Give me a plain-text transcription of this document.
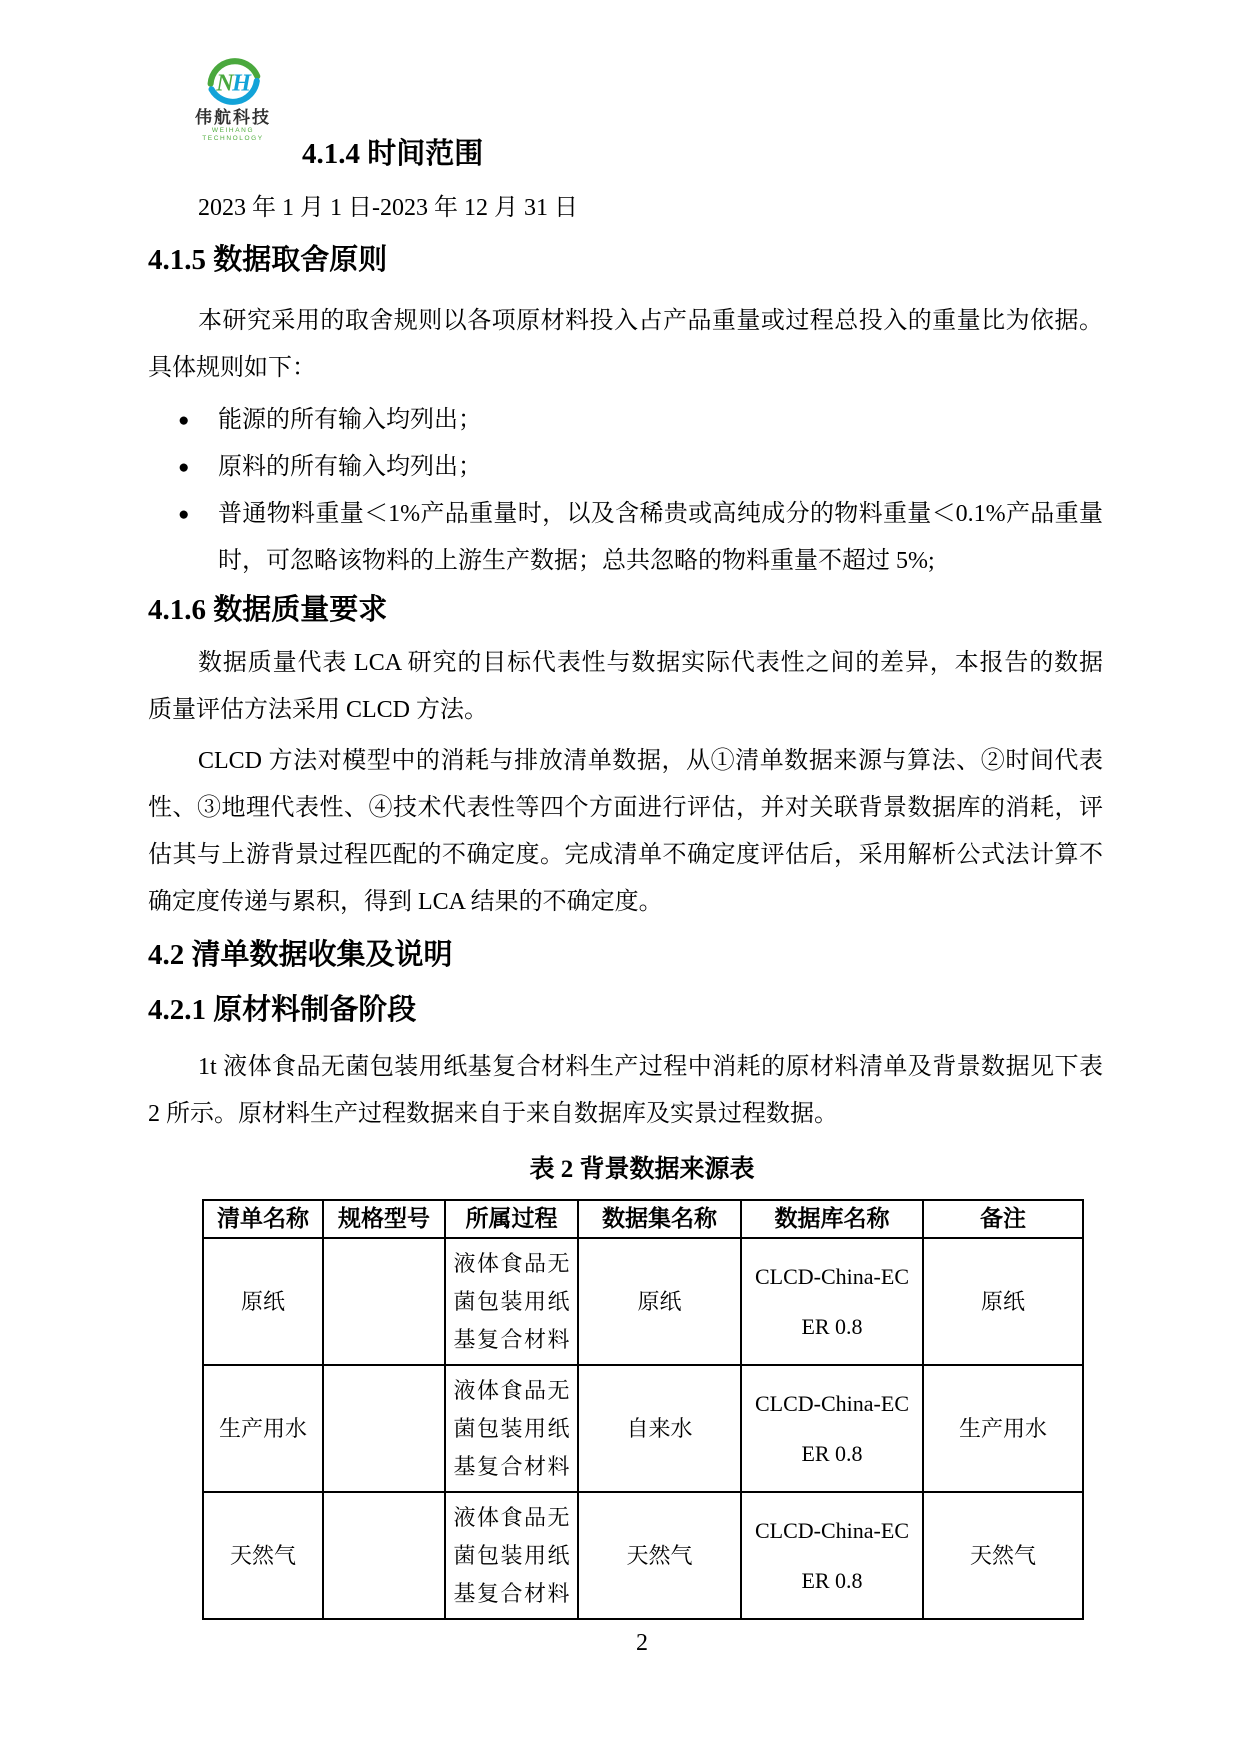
N
H
伟航科技
WEIHANG TECHNOLOGY	4.1.4 时间范围
2023 年 1 月 1 日-2023 年 12 月 31 日
4.1.5 数据取舍原则
本研究采用的取舍规则以各项原材料投入占产品重量或过程总投入的重量比为依据。
具体规则如下：
● 能源的所有输入均列出；
● 原料的所有输入均列出；
● 普通物料重量＜1%产品重量时，以及含稀贵或高纯成分的物料重量＜0.1%产品重量
时，可忽略该物料的上游生产数据；总共忽略的物料重量不超过 5%;
4.1.6 数据质量要求
数据质量代表 LCA 研究的目标代表性与数据实际代表性之间的差异，本报告的数据
质量评估方法采用 CLCD 方法。
CLCD 方法对模型中的消耗与排放清单数据，从①清单数据来源与算法、②时间代表
性、③地理代表性、④技术代表性等四个方面进行评估，并对关联背景数据库的消耗，评
估其与上游背景过程匹配的不确定度。完成清单不确定度评估后，采用解析公式法计算不
确定度传递与累积，得到 LCA 结果的不确定度。
4.2 清单数据收集及说明
4.2.1 原材料制备阶段
1t 液体食品无菌包装用纸基复合材料生产过程中消耗的原材料清单及背景数据见下表
2 所示。原材料生产过程数据来自于来自数据库及实景过程数据。
表 2 背景数据来源表
清单名称	规格型号	所属过程	数据集名称	数据库名称	备注
原纸		液体食品无菌包装用纸基复合材料	原纸	CLCD-China-ECER 0.8	原纸
生产用水		液体食品无菌包装用纸基复合材料	自来水	CLCD-China-ECER 0.8	生产用水
天然气		液体食品无菌包装用纸基复合材料	天然气	CLCD-China-ECER 0.8	天然气
2
